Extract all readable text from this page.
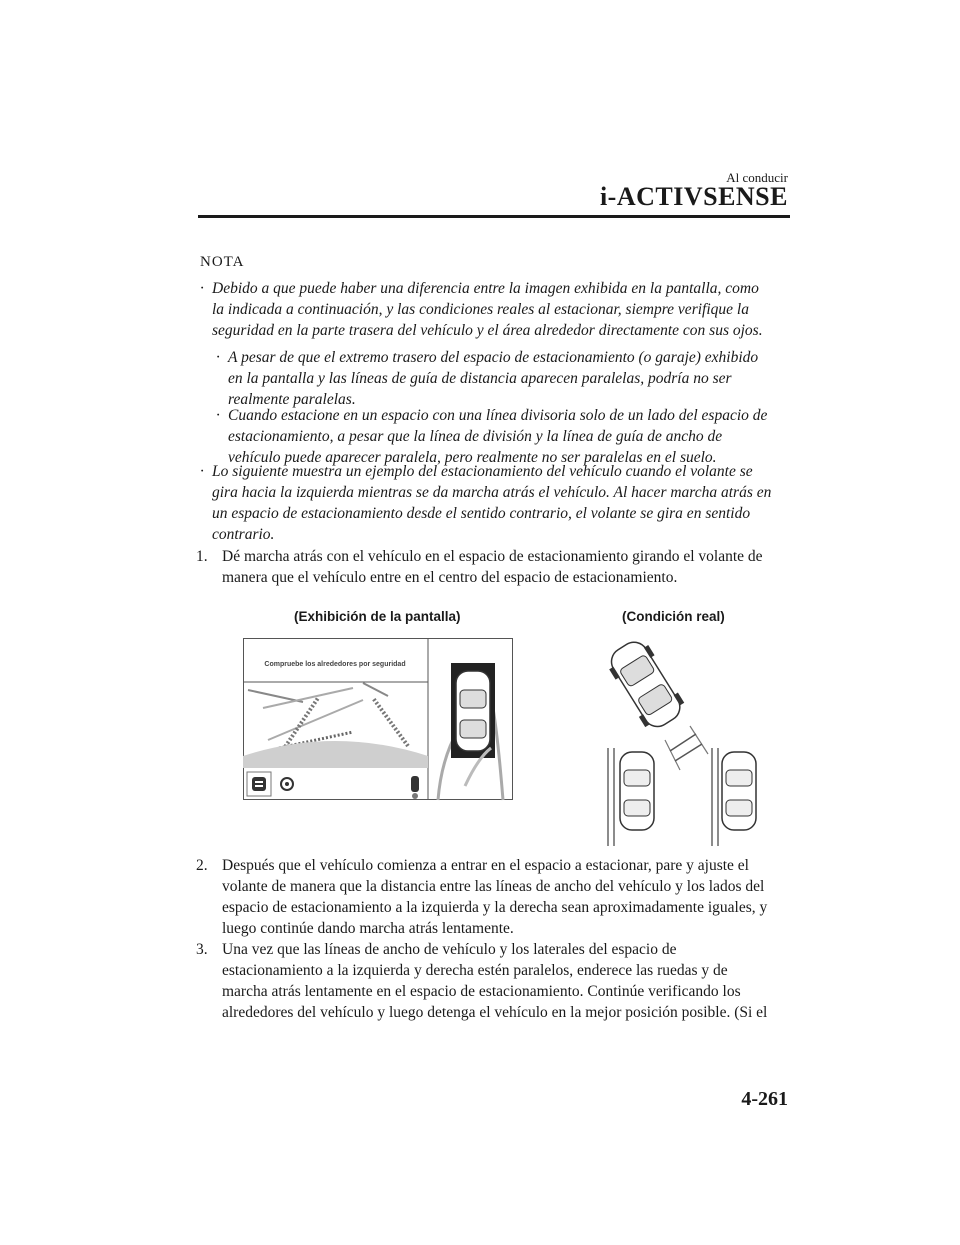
Al conducir
i-ACTIVSENSE
NOTA
· Debido a que puede haber una diferencia entre la imagen exhibida en la pantalla, como
la indicada a continuación, y las condiciones reales al estacionar, siempre verifique la
seguridad en la parte trasera del vehículo y el área alrededor directamente con sus ojos.
· A pesar de que el extremo trasero del espacio de estacionamiento (o garaje) exhibido
en la pantalla y las líneas de guía de distancia aparecen paralelas, podría no ser
realmente paralelas.
· Cuando estacione en un espacio con una línea divisoria solo de un lado del espacio de
estacionamiento, a pesar que la línea de división y la línea de guía de ancho de
vehículo puede aparecer paralela, pero realmente no ser paralelas en el suelo.
· Lo siguiente muestra un ejemplo del estacionamiento del vehículo cuando el volante se
gira hacia la izquierda mientras se da marcha atrás el vehículo. Al hacer marcha atrás en
un espacio de estacionamiento desde el sentido contrario, el volante se gira en sentido
contrario.
1. Dé marcha atrás con el vehículo en el espacio de estacionamiento girando el volante de
manera que el vehículo entre en el centro del espacio de estacionamiento.
(Exhibición de la pantalla)	(Condición real)
Compruebe los alrededores por seguridad
2. Después que el vehículo comienza a entrar en el espacio a estacionar, pare y ajuste el
volante de manera que la distancia entre las líneas de ancho del vehículo y los lados del
espacio de estacionamiento a la izquierda y la derecha sean aproximadamente iguales, y
luego continúe dando marcha atrás lentamente.
3. Una vez que las líneas de ancho de vehículo y los laterales del espacio de
estacionamiento a la izquierda y derecha estén paralelos, enderece las ruedas y de
marcha atrás lentamente en el espacio de estacionamiento. Continúe verificando los
alrededores del vehículo y luego detenga el vehículo en la mejor posición posible. (Si el
4-261
